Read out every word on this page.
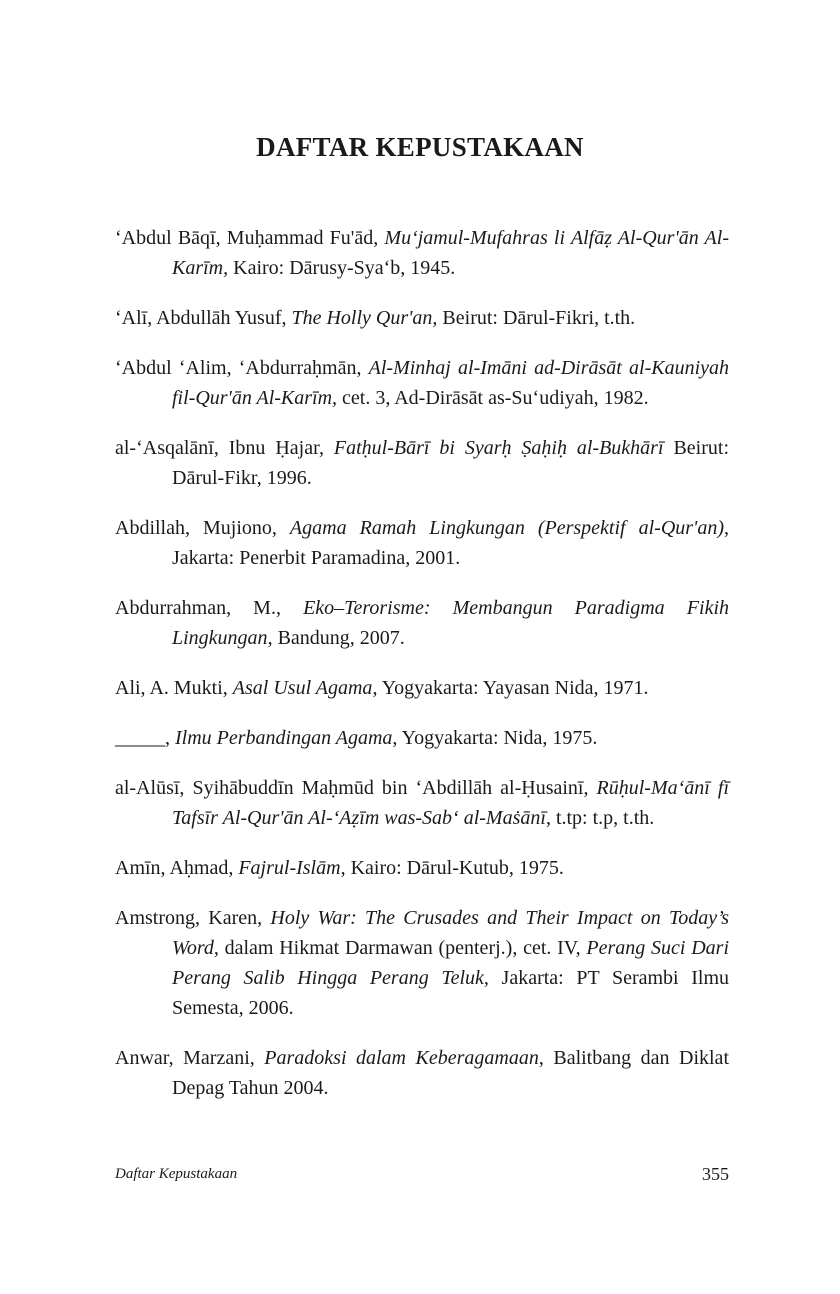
DAFTAR KEPUSTAKAAN

‘Abdul Bāqī, Muḥammad Fu'ād, Mu‘jamul-Mufahras li Alfāẓ Al-Qur'ān Al-Karīm, Kairo: Dārusy-Sya‘b, 1945.

‘Alī, Abdullāh Yusuf, The Holly Qur'an, Beirut: Dārul-Fikri, t.th.

‘Abdul ‘Alim, ‘Abdurraḥmān, Al-Minhaj al-Imāni ad-Dirāsāt al-Kauniyah fil-Qur'ān Al-Karīm, cet. 3, Ad-Dirāsāt as-Su‘udiyah, 1982.

al-‘Asqalānī, Ibnu Ḥajar, Fatḥul-Bārī bi Syarḥ Ṣaḥiḥ al-Bukhārī Beirut: Dārul-Fikr, 1996.

Abdillah, Mujiono, Agama Ramah Lingkungan (Perspektif al-Qur'an), Jakarta: Penerbit Paramadina, 2001.

Abdurrahman, M., Eko–Terorisme: Membangun Paradigma Fikih Lingkungan, Bandung, 2007.

Ali, A. Mukti, Asal Usul Agama, Yogyakarta: Yayasan Nida, 1971.

_____, Ilmu Perbandingan Agama, Yogyakarta: Nida, 1975.

al-Alūsī, Syihābuddīn Maḥmūd bin ‘Abdillāh al-Ḥusainī, Rūḥul-Ma‘ānī fī Tafsīr Al-Qur'ān Al-‘Aẓīm was-Sab‘ al-Maṡānī, t.tp: t.p, t.th.

Amīn, Aḥmad, Fajrul-Islām, Kairo: Dārul-Kutub, 1975.

Amstrong, Karen, Holy War: The Crusades and Their Impact on Today’s Word, dalam Hikmat Darmawan (penterj.), cet. IV, Perang Suci Dari Perang Salib Hingga Perang Teluk, Jakarta: PT Serambi Ilmu Semesta, 2006.

Anwar, Marzani, Paradoksi dalam Keberagamaan, Balitbang dan Diklat Depag Tahun 2004.

Daftar Kepustakaan	355
